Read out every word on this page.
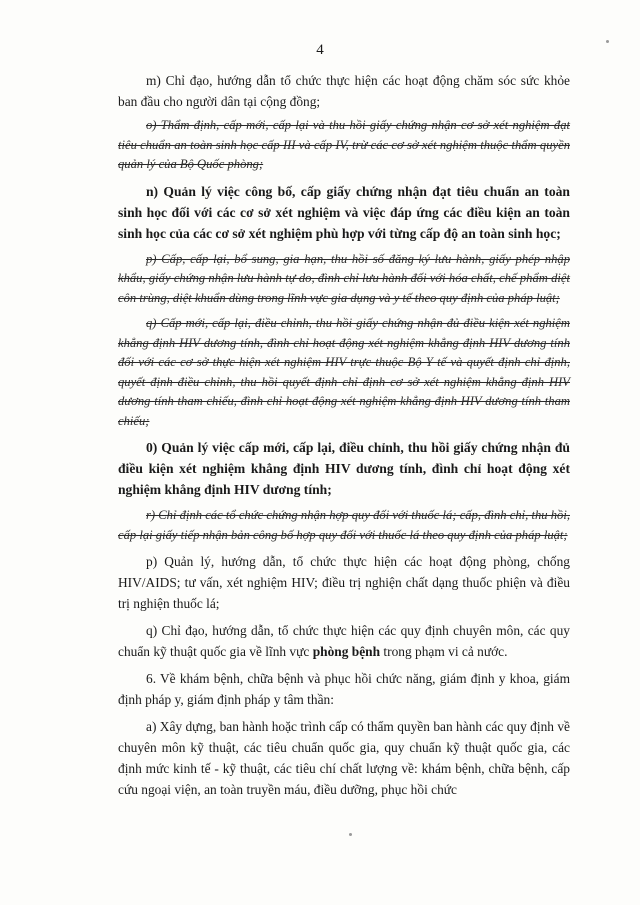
4

m) Chỉ đạo, hướng dẫn tổ chức thực hiện các hoạt động chăm sóc sức khỏe ban đầu cho người dân tại cộng đồng;

o) Thẩm định, cấp mới, cấp lại và thu hồi giấy chứng nhận cơ sở xét nghiệm đạt tiêu chuẩn an toàn sinh học cấp III và cấp IV, trừ các cơ sở xét nghiệm thuộc thẩm quyền quản lý của Bộ Quốc phòng;

n) Quản lý việc công bố, cấp giấy chứng nhận đạt tiêu chuẩn an toàn sinh học đối với các cơ sở xét nghiệm và việc đáp ứng các điều kiện an toàn sinh học của các cơ sở xét nghiệm phù hợp với từng cấp độ an toàn sinh học;

p) Cấp, cấp lại, bổ sung, gia hạn, thu hồi số đăng ký lưu hành, giấy phép nhập khẩu, giấy chứng nhận lưu hành tự do, đình chỉ lưu hành đối với hóa chất, chế phẩm diệt côn trùng, diệt khuẩn dùng trong lĩnh vực gia dụng và y tế theo quy định của pháp luật;

q) Cấp mới, cấp lại, điều chỉnh, thu hồi giấy chứng nhận đủ điều kiện xét nghiệm khẳng định HIV dương tính, đình chỉ hoạt động xét nghiệm khẳng định HIV dương tính đối với các cơ sở thực hiện xét nghiệm HIV trực thuộc Bộ Y tế và quyết định chỉ định, quyết định điều chỉnh, thu hồi quyết định chỉ định cơ sở xét nghiệm khẳng định HIV dương tính tham chiếu, đình chỉ hoạt động xét nghiệm khẳng định HIV dương tính tham chiếu;

0) Quản lý việc cấp mới, cấp lại, điều chỉnh, thu hồi giấy chứng nhận đủ điều kiện xét nghiệm khẳng định HIV dương tính, đình chỉ hoạt động xét nghiệm khẳng định HIV dương tính;

r) Chỉ định các tổ chức chứng nhận hợp quy đối với thuốc lá; cấp, đình chỉ, thu hồi, cấp lại giấy tiếp nhận bản công bố hợp quy đối với thuốc lá theo quy định của pháp luật;

p) Quản lý, hướng dẫn, tổ chức thực hiện các hoạt động phòng, chống HIV/AIDS; tư vấn, xét nghiệm HIV; điều trị nghiện chất dạng thuốc phiện và điều trị nghiện thuốc lá;

q) Chỉ đạo, hướng dẫn, tổ chức thực hiện các quy định chuyên môn, các quy chuẩn kỹ thuật quốc gia về lĩnh vực phòng bệnh trong phạm vi cả nước.

6. Về khám bệnh, chữa bệnh và phục hồi chức năng, giám định y khoa, giám định pháp y, giám định pháp y tâm thần:

a) Xây dựng, ban hành hoặc trình cấp có thẩm quyền ban hành các quy định về chuyên môn kỹ thuật, các tiêu chuẩn quốc gia, quy chuẩn kỹ thuật quốc gia, các định mức kinh tế - kỹ thuật, các tiêu chí chất lượng về: khám bệnh, chữa bệnh, cấp cứu ngoại viện, an toàn truyền máu, điều dưỡng, phục hồi chức
